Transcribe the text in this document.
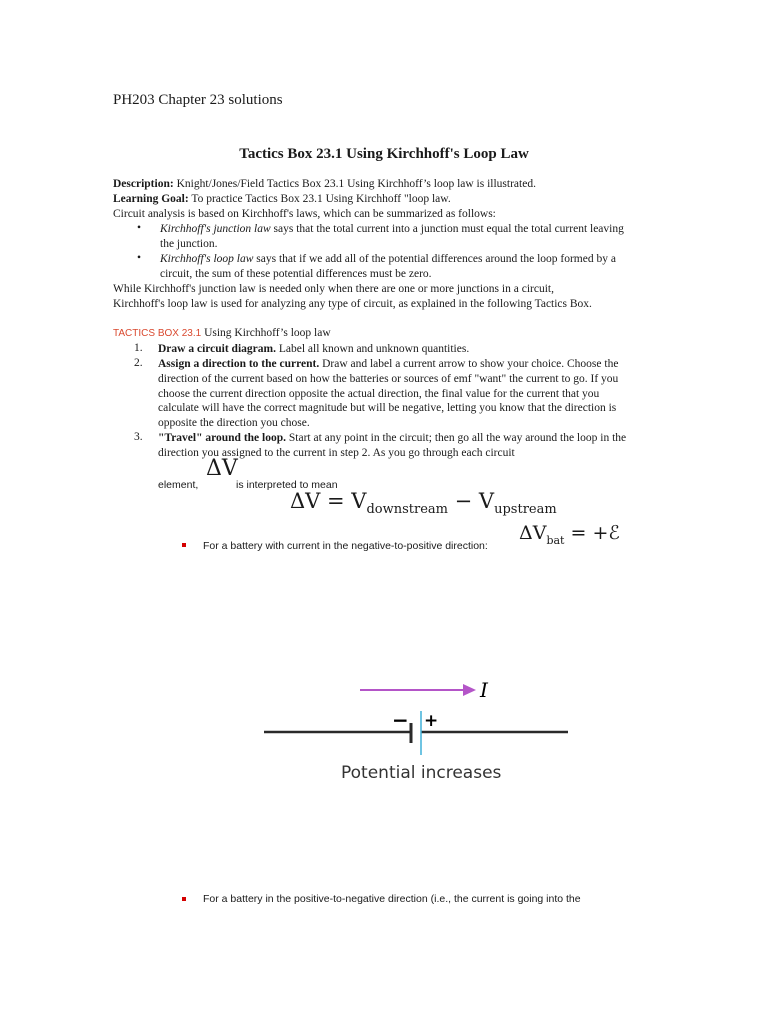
PH203 Chapter 23 solutions
Tactics Box 23.1 Using Kirchhoff's Loop Law
Description: Knight/Jones/Field Tactics Box 23.1 Using Kirchhoff’s loop law is illustrated.
Learning Goal: To practice Tactics Box 23.1 Using Kirchhoff "loop law.
Circuit analysis is based on Kirchhoff's laws, which can be summarized as follows:
• Kirchhoff's junction law says that the total current into a junction must equal the total current leaving the junction.
• Kirchhoff's loop law says that if we add all of the potential differences around the loop formed by a circuit, the sum of these potential differences must be zero.
While Kirchhoff's junction law is needed only when there are one or more junctions in a circuit,
Kirchhoff's loop law is used for analyzing any type of circuit, as explained in the following Tactics Box.
TACTICS BOX 23.1 Using Kirchhoff’s loop law
1. Draw a circuit diagram. Label all known and unknown quantities.
2. Assign a direction to the current. Draw and label a current arrow to show your choice. Choose the direction of the current based on how the batteries or sources of emf "want" the current to go. If you choose the current direction opposite the actual direction, the final value for the current that you calculate will have the correct magnitude but will be negative, letting you know that the direction is opposite the direction you chose.
3. "Travel" around the loop. Start at any point in the circuit; then go all the way around the loop in the direction you assigned to the current in step 2. As you go through each circuit
ΔV
element,	is interpreted to mean
$\Delta V = V_{downstream} - V_{upstream}$
For a battery with current in the negative-to-positive direction:
$\Delta V_{bat}$ = +ℰ
I
− +
Potential increases
For a battery in the positive-to-negative direction (i.e., the current is going into the
